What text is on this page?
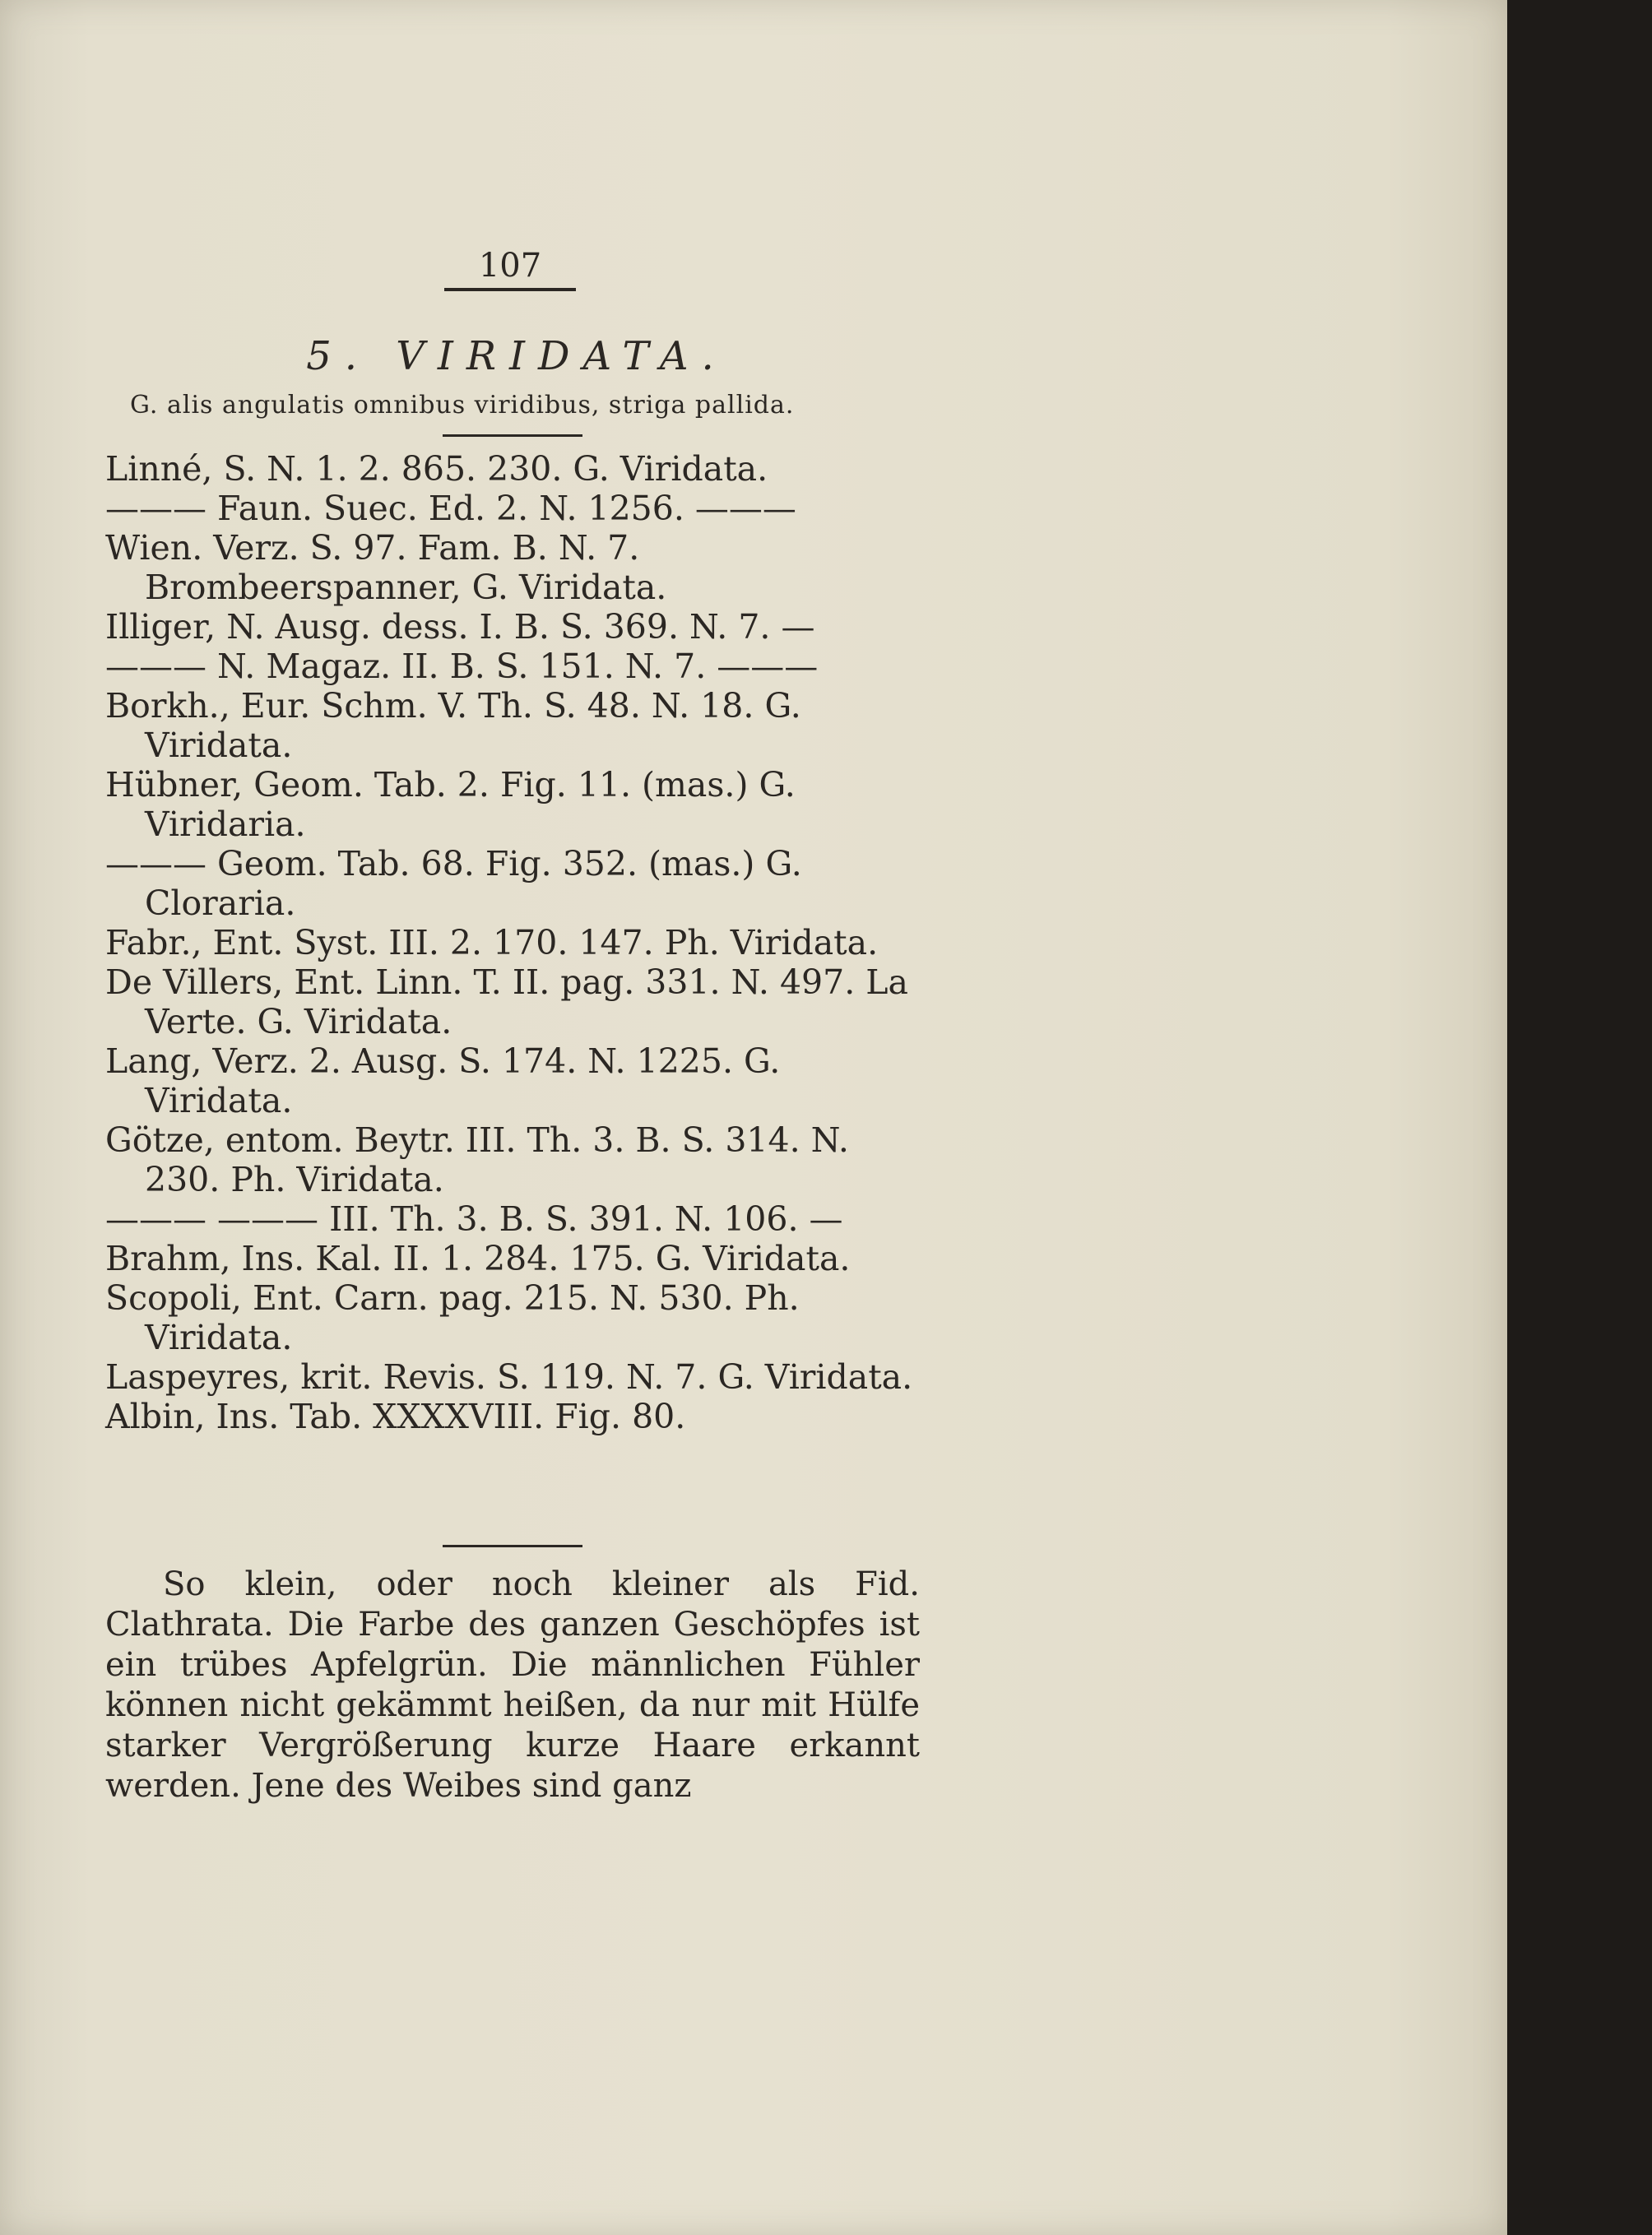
107
5. VIRIDATA.
G. alis angulatis omnibus viridibus, striga pallida.
Linné, S. N. 1. 2. 865. 230. G. Viridata.
——— Faun. Suec. Ed. 2. N. 1256. ———
Wien. Verz. S. 97. Fam. B. N. 7. Brombeerspanner, G. Viridata.
Illiger, N. Ausg. dess. I. B. S. 369. N. 7. —
——— N. Magaz. II. B. S. 151. N. 7. ———
Borkh., Eur. Schm. V. Th. S. 48. N. 18. G. Viridata.
Hübner, Geom. Tab. 2. Fig. 11. (mas.) G. Viridaria.
——— Geom. Tab. 68. Fig. 352. (mas.) G. Cloraria.
Fabr., Ent. Syst. III. 2. 170. 147. Ph. Viridata.
De Villers, Ent. Linn. T. II. pag. 331. N. 497. La Verte. G. Viridata.
Lang, Verz. 2. Ausg. S. 174. N. 1225. G. Viridata.
Götze, entom. Beytr. III. Th. 3. B. S. 314. N. 230. Ph. Viridata.
——— ——— III. Th. 3. B. S. 391. N. 106. —
Brahm, Ins. Kal. II. 1. 284. 175. G. Viridata.
Scopoli, Ent. Carn. pag. 215. N. 530. Ph. Viridata.
Laspeyres, krit. Revis. S. 119. N. 7. G. Viridata.
Albin, Ins. Tab. XXXXVIII. Fig. 80.
So klein, oder noch kleiner als Fid. Clathrata. Die Farbe des ganzen Geschöpfes ist ein trübes Apfelgrün. Die männlichen Fühler können nicht gekämmt heißen, da nur mit Hülfe starker Vergrößerung kurze Haare erkannt werden. Jene des Weibes sind ganz
